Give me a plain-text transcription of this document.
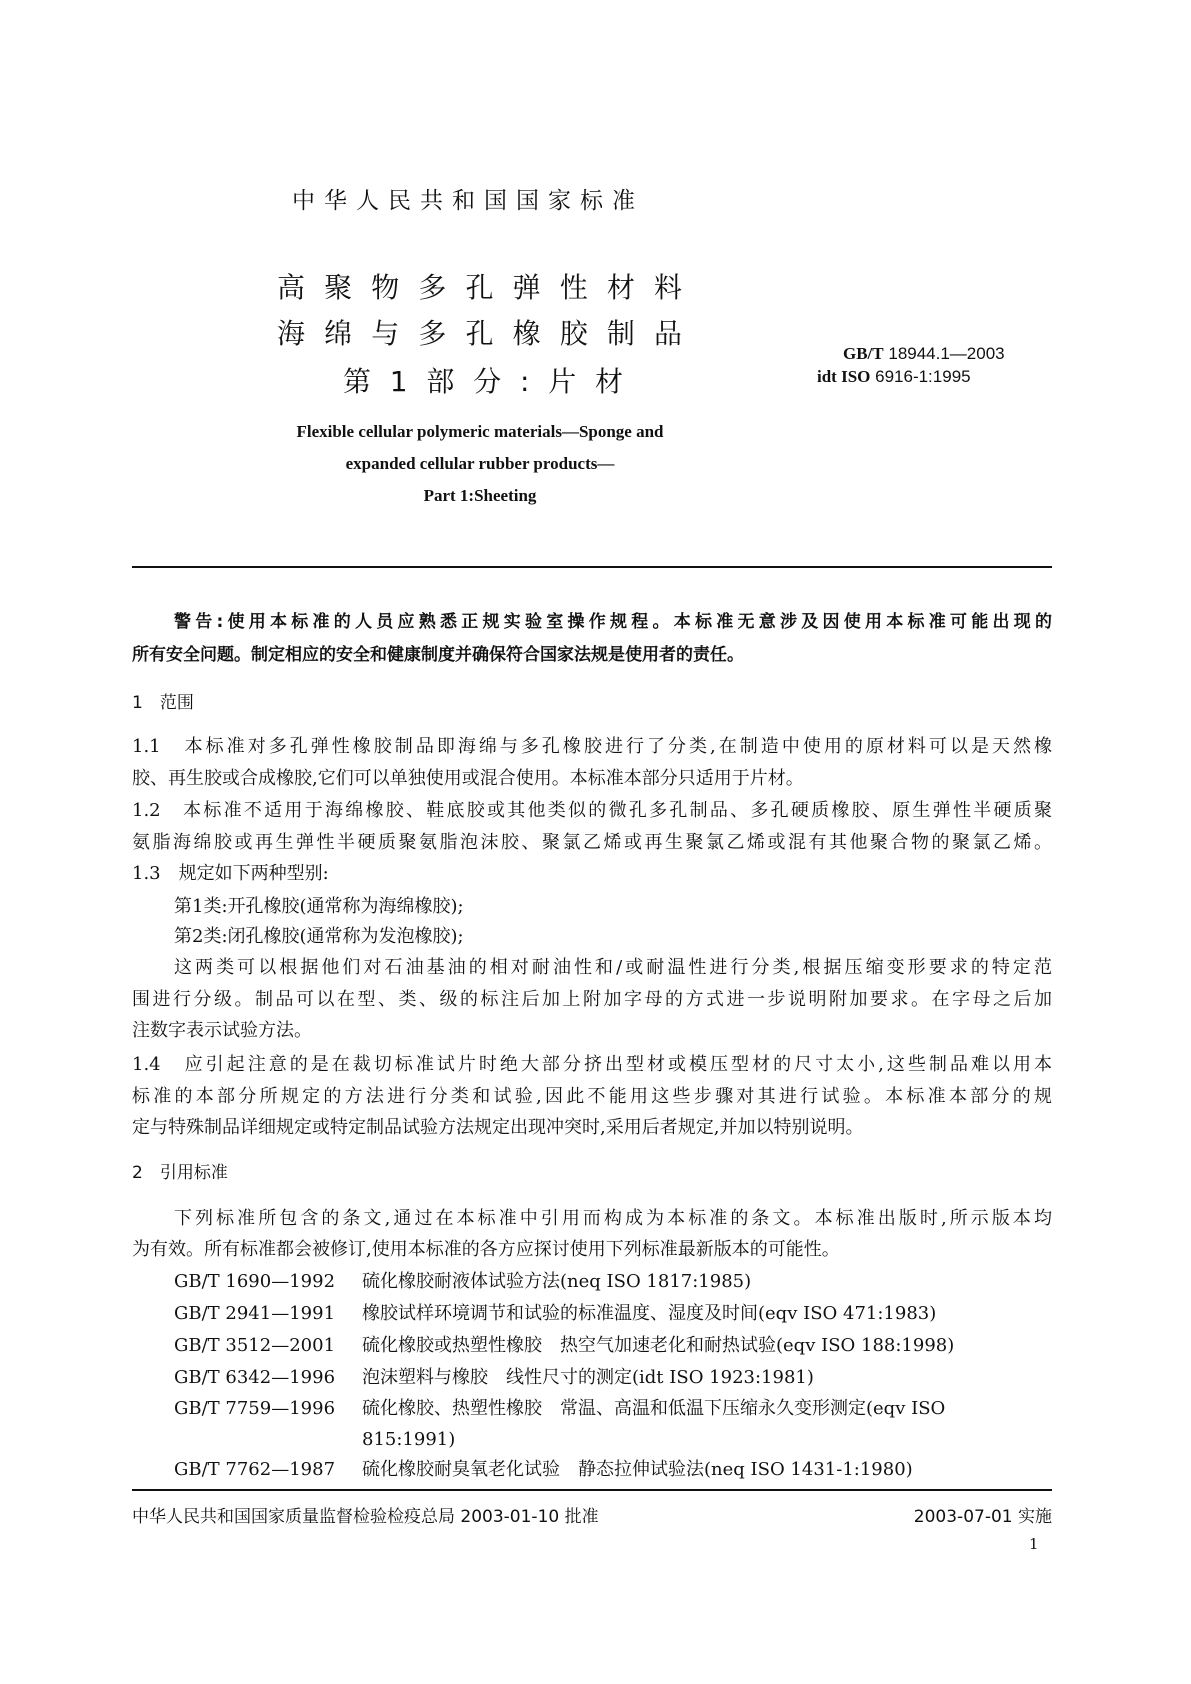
中华人民共和国国家标准
高聚物多孔弹性材料
海绵与多孔橡胶制品
第1部分:片材
GB/T 18944.1—2003
idt ISO 6916-1:1995
Flexible cellular polymeric materials—Sponge and
expanded cellular rubber products—
Part 1:Sheeting
警告:使用本标准的人员应熟悉正规实验室操作规程。本标准无意涉及因使用本标准可能出现的
所有安全问题。制定相应的安全和健康制度并确保符合国家法规是使用者的责任。
1　范围
1.1　本标准对多孔弹性橡胶制品即海绵与多孔橡胶进行了分类,在制造中使用的原材料可以是天然橡
胶、再生胶或合成橡胶,它们可以单独使用或混合使用。本标准本部分只适用于片材。
1.2　本标准不适用于海绵橡胶、鞋底胶或其他类似的微孔多孔制品、多孔硬质橡胶、原生弹性半硬质聚
氨脂海绵胶或再生弹性半硬质聚氨脂泡沫胶、聚氯乙烯或再生聚氯乙烯或混有其他聚合物的聚氯乙烯。
1.3　规定如下两种型别:
第1类:开孔橡胶(通常称为海绵橡胶);
第2类:闭孔橡胶(通常称为发泡橡胶);
这两类可以根据他们对石油基油的相对耐油性和/或耐温性进行分类,根据压缩变形要求的特定范
围进行分级。制品可以在型、类、级的标注后加上附加字母的方式进一步说明附加要求。在字母之后加
注数字表示试验方法。
1.4　应引起注意的是在裁切标准试片时绝大部分挤出型材或模压型材的尺寸太小,这些制品难以用本
标准的本部分所规定的方法进行分类和试验,因此不能用这些步骤对其进行试验。本标准本部分的规
定与特殊制品详细规定或特定制品试验方法规定出现冲突时,采用后者规定,并加以特别说明。
2　引用标准
下列标准所包含的条文,通过在本标准中引用而构成为本标准的条文。本标准出版时,所示版本均
为有效。所有标准都会被修订,使用本标准的各方应探讨使用下列标准最新版本的可能性。
GB/T 1690—1992 硫化橡胶耐液体试验方法(neq ISO 1817:1985)
GB/T 2941—1991 橡胶试样环境调节和试验的标准温度、湿度及时间(eqv ISO 471:1983)
GB/T 3512—2001 硫化橡胶或热塑性橡胶　热空气加速老化和耐热试验(eqv ISO 188:1998)
GB/T 6342—1996 泡沫塑料与橡胶　线性尺寸的测定(idt ISO 1923:1981)
GB/T 7759—1996 硫化橡胶、热塑性橡胶　常温、高温和低温下压缩永久变形测定(eqv ISO
815:1991)
GB/T 7762—1987 硫化橡胶耐臭氧老化试验　静态拉伸试验法(neq ISO 1431-1:1980)
中华人民共和国国家质量监督检验检疫总局 2003-01-10 批准	2003-07-01 实施
1
